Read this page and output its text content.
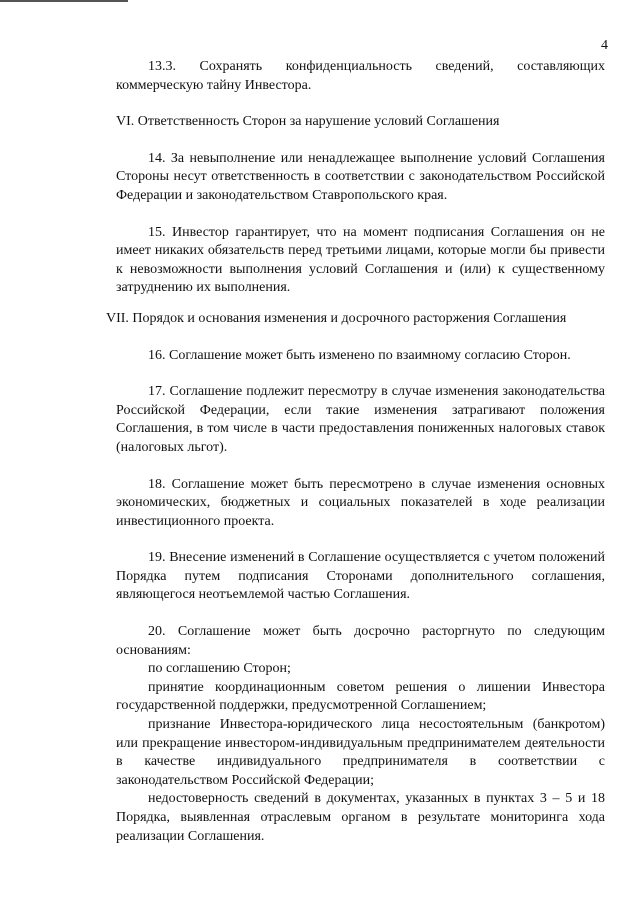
4

13.3. Сохранять конфиденциальность сведений, составляющих коммерческую тайну Инвестора.

VI. Ответственность Сторон за нарушение условий Соглашения

14. За невыполнение или ненадлежащее выполнение условий Соглашения Стороны несут ответственность в соответствии с законодательством Российской Федерации и законодательством Ставропольского края.

15. Инвестор гарантирует, что на момент подписания Соглашения он не имеет никаких обязательств перед третьими лицами, которые могли бы привести к невозможности выполнения условий Соглашения и (или) к существенному затруднению их выполнения.

VII. Порядок и основания изменения и досрочного расторжения Соглашения

16. Соглашение может быть изменено по взаимному согласию Сторон.

17. Соглашение подлежит пересмотру в случае изменения законодательства Российской Федерации, если такие изменения затрагивают положения Соглашения, в том числе в части предоставления пониженных налоговых ставок (налоговых льгот).

18. Соглашение может быть пересмотрено в случае изменения основных экономических, бюджетных и социальных показателей в ходе реализации инвестиционного проекта.

19. Внесение изменений в Соглашение осуществляется с учетом положений Порядка путем подписания Сторонами дополнительного соглашения, являющегося неотъемлемой частью Соглашения.

20. Соглашение может быть досрочно расторгнуто по следующим основаниям:

по соглашению Сторон;

принятие координационным советом решения о лишении Инвестора государственной поддержки, предусмотренной Соглашением;

признание Инвестора-юридического лица несостоятельным (банкротом) или прекращение инвестором-индивидуальным предпринимателем деятельности в качестве индивидуального предпринимателя в соответствии с законодательством Российской Федерации;

недостоверность сведений в документах, указанных в пунктах 3 – 5 и 18 Порядка, выявленная отраслевым органом в результате мониторинга хода реализации Соглашения.
